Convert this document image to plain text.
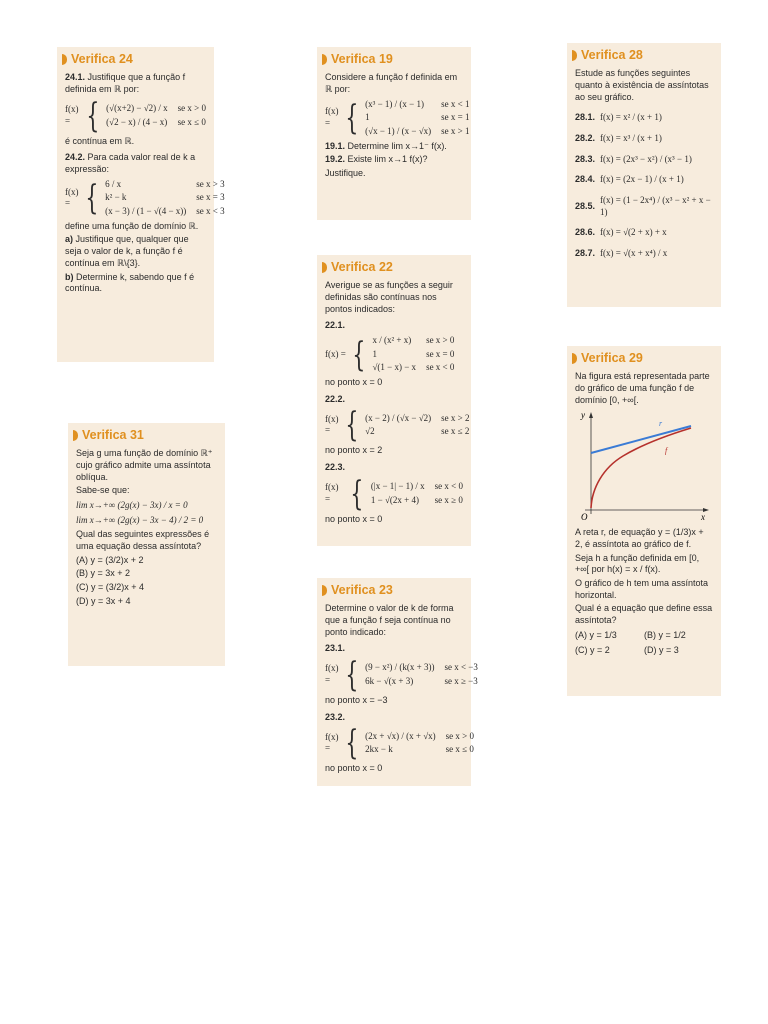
Verifica 24
24.1. Justifique que a função f definida em ℝ por:
f(x) = { (√(x+2) − √2) / x se x > 0
(√2 − x) / (4 − x) se x ≤ 0
é contínua em ℝ.
24.2. Para cada valor real de k a expressão:
f(x) = { 6 / x	se x > 3
k² − k	se x = 3
(x − 3) / (1 − √(4 − x)) se x < 3
define uma função de domínio ℝ.
a) Justifique que, qualquer que seja o valor de k, a função f é contínua em ℝ\{3}.
b) Determine k, sabendo que f é contínua.
Verifica 31
Seja g uma função de domínio ℝ⁺ cujo gráfico admite uma assíntota oblíqua.
Sabe-se que:
lim x→+∞ (2g(x) − 3x) / x = 0
lim x→+∞ (2g(x) − 3x − 4) / 2 = 0
Qual das seguintes expressões é uma equação dessa assíntota?
(A) y = (3/2)x + 2
(B) y = 3x + 2
(C) y = (3/2)x + 4
(D) y = 3x + 4
Verifica 19
Considere a função f definida em ℝ por:
f(x) = { (x³ − 1) / (x − 1)	se x < 1
1	se x = 1
(√x − 1) / (x − √x) se x > 1
19.1. Determine lim x→1⁻ f(x).
19.2. Existe lim x→1 f(x)?
Justifique.
Verifica 22
Averigue se as funções a seguir definidas são contínuas nos pontos indicados:
22.1.
f(x) = { x / (x² + x)	se x > 0
1	se x = 0
√(1 − x) − x se x < 0
no ponto x = 0
22.2.
f(x) = { (x − 2) / (√x − √2) se x > 2
√2	se x ≤ 2
no ponto x = 2
22.3.
f(x) = { (|x − 1| − 1) / x se x < 0
1 − √(2x + 4)	se x ≥ 0
no ponto x = 0
Verifica 23
Determine o valor de k de forma que a função f seja contínua no ponto indicado:
23.1.
f(x) = { (9 − x²) / (k(x + 3)) se x < −3
6k − √(x + 3)	se x ≥ −3
no ponto x = −3
23.2.
f(x) = { (2x + √x) / (x + √x) se x > 0
2kx − k	se x ≤ 0
no ponto x = 0
Verifica 28
Estude as funções seguintes quanto à existência de assíntotas ao seu gráfico.
28.1. f(x) = x² / (x + 1)
28.2. f(x) = x³ / (x + 1)
28.3. f(x) = (2x³ − x²) / (x³ − 1)
28.4. f(x) = (2x − 1) / (x + 1)
28.5.
f(x) = (1 − 2x⁴) / (x³ − x² + x − 1)
28.6. f(x) = √(2 + x) + x
28.7. f(x) = √(x + x⁴) / x
Verifica 29
Na figura está representada parte do gráfico de uma função f de domínio [0, +∞[.
y
x
O
r
f
A reta r, de equação y = (1/3)x + 2, é assíntota ao gráfico de f.
Seja h a função definida em [0, +∞[ por h(x) = x / f(x).
O gráfico de h tem uma assíntota horizontal.
Qual é a equação que define essa assíntota?
(A) y = 1/3	(B) y = 1/2
(C) y = 2	(D) y = 3
